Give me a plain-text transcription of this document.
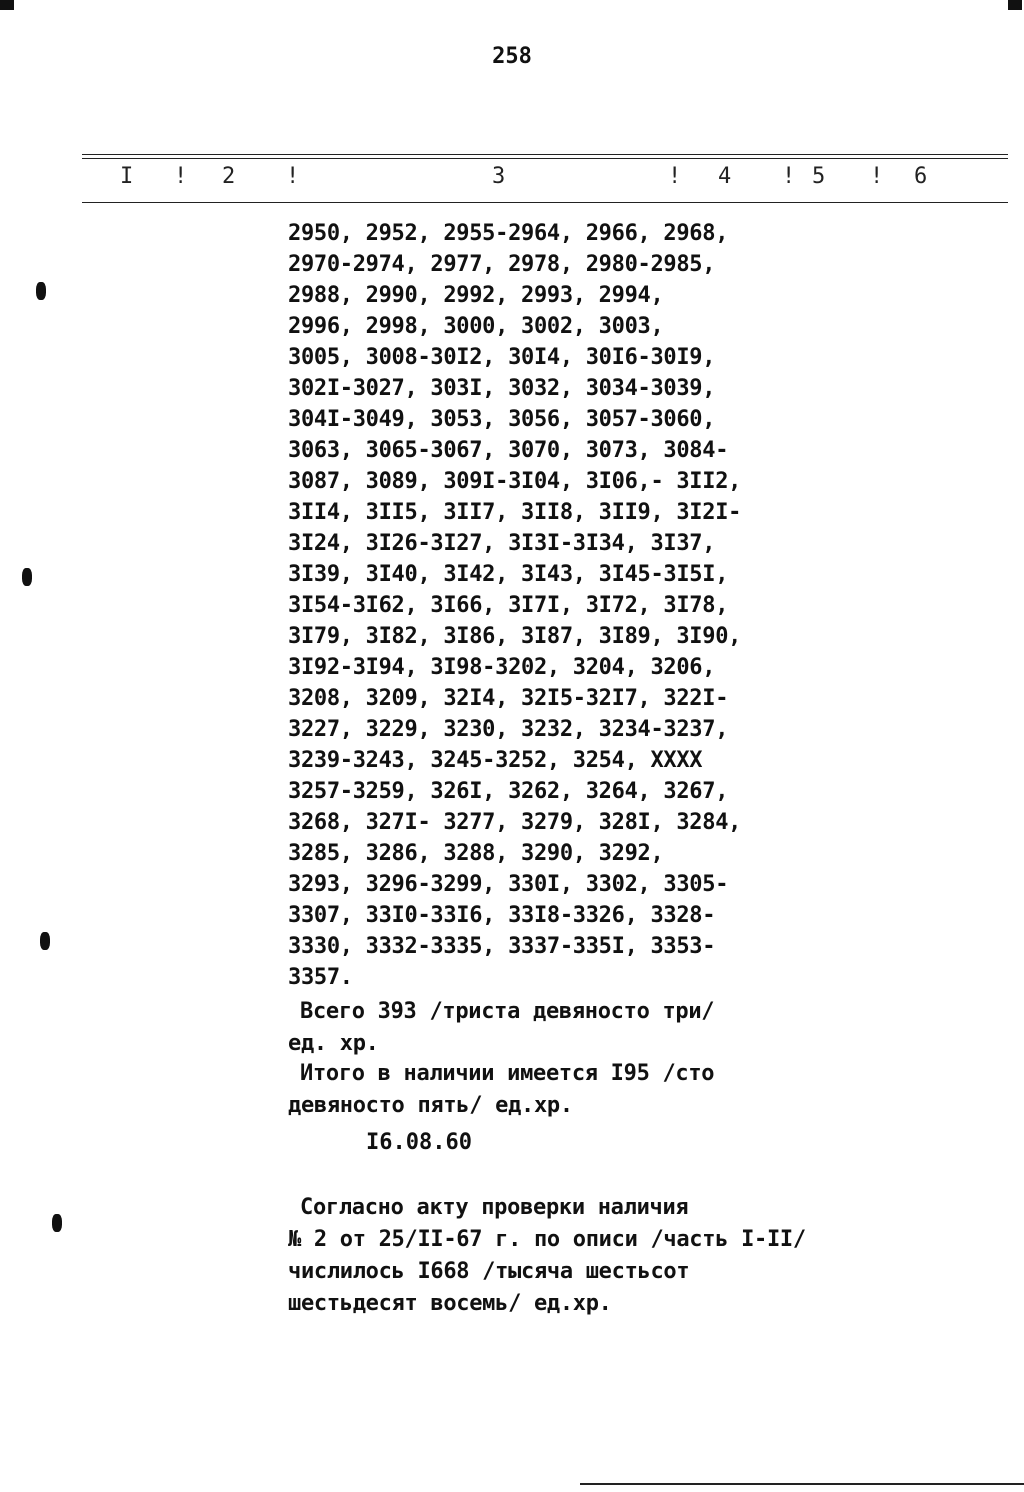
258
I ! 2 !	3	! 4 ! 5 ! 6
2950, 2952, 2955-2964, 2966, 2968,
2970-2974, 2977, 2978, 2980-2985,
2988, 2990, 2992, 2993, 2994,
2996, 2998, 3000, 3002, 3003,
3005, 3008-30I2, 30I4, 30I6-30I9,
302I-3027, 303I, 3032, 3034-3039,
304I-3049, 3053, 3056, 3057-3060,
3063, 3065-3067, 3070, 3073, 3084-
3087, 3089, 309I-3I04, 3I06,- 3II2,
3II4, 3II5, 3II7, 3II8, 3II9, 3I2I-
3I24, 3I26-3I27, 3I3I-3I34, 3I37,
3I39, 3I40, 3I42, 3I43, 3I45-3I5I,
3I54-3I62, 3I66, 3I7I, 3I72, 3I78,
3I79, 3I82, 3I86, 3I87, 3I89, 3I90,
3I92-3I94, 3I98-3202, 3204, 3206,
3208, 3209, 32I4, 32I5-32I7, 322I-
3227, 3229, 3230, 3232, 3234-3237,
3239-3243, 3245-3252, 3254, XXXX
3257-3259, 326I, 3262, 3264, 3267,
3268, 327I- 3277, 3279, 328I, 3284,
3285, 3286, 3288, 3290, 3292,
3293, 3296-3299, 330I, 3302, 3305-
3307, 33I0-33I6, 33I8-3326, 3328-
3330, 3332-3335, 3337-335I, 3353-
3357.
Всего 393 /триста девяносто три/
ед. хр.
Итого в наличии имеется I95 /сто
девяносто пять/ ед.хр.
I6.08.60
Согласно акту проверки наличия
№ 2 от 25/II-67 г. по описи /часть I-II/
числилось I668 /тысяча шестьсот
шестьдесят восемь/ ед.хр.
